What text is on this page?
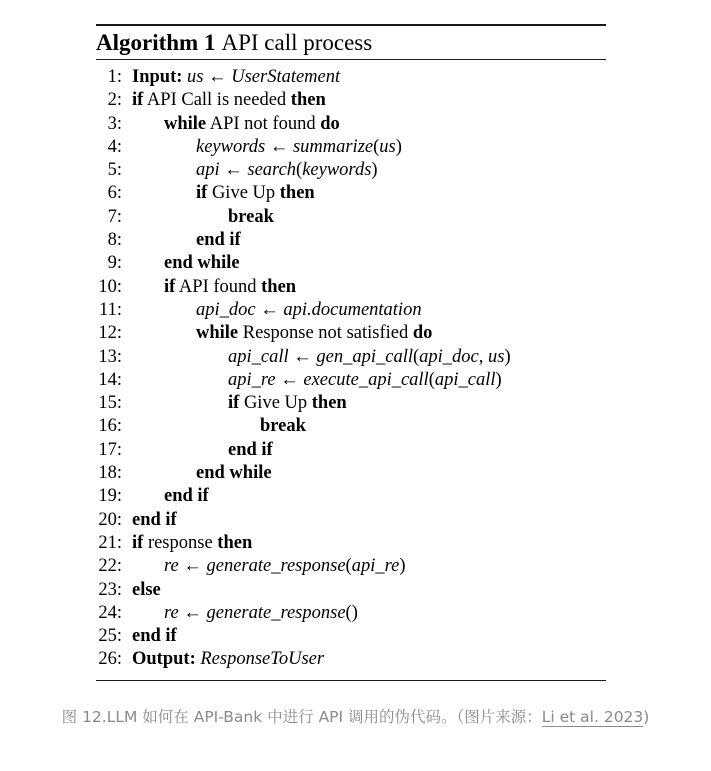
Algorithm 1 API call process
1: Input: us ← UserStatement
2: if API Call is needed then
3: while API not found do
4:	keywords ← summarize(us)
5:	api ← search(keywords)
6:	if Give Up then
7:	break
8:	end if
9: end while
10: if API found then
11:	api_doc ← api.documentation
12:	while Response not satisfied do
13:	api_call ← gen_api_call(api_doc, us)
14:	api_re ← execute_api_call(api_call)
15:	if Give Up then
16:	break
17:	end if
18:	end while
19: end if
20: end if
21: if response then
22: re ← generate_response(api_re)
23: else
24: re ← generate_response()
25: end if
26: Output: ResponseToUser
图 12.LLM 如何在 API-Bank 中进行 API 调用的伪代码。（图片来源：Li et al. 2023)
